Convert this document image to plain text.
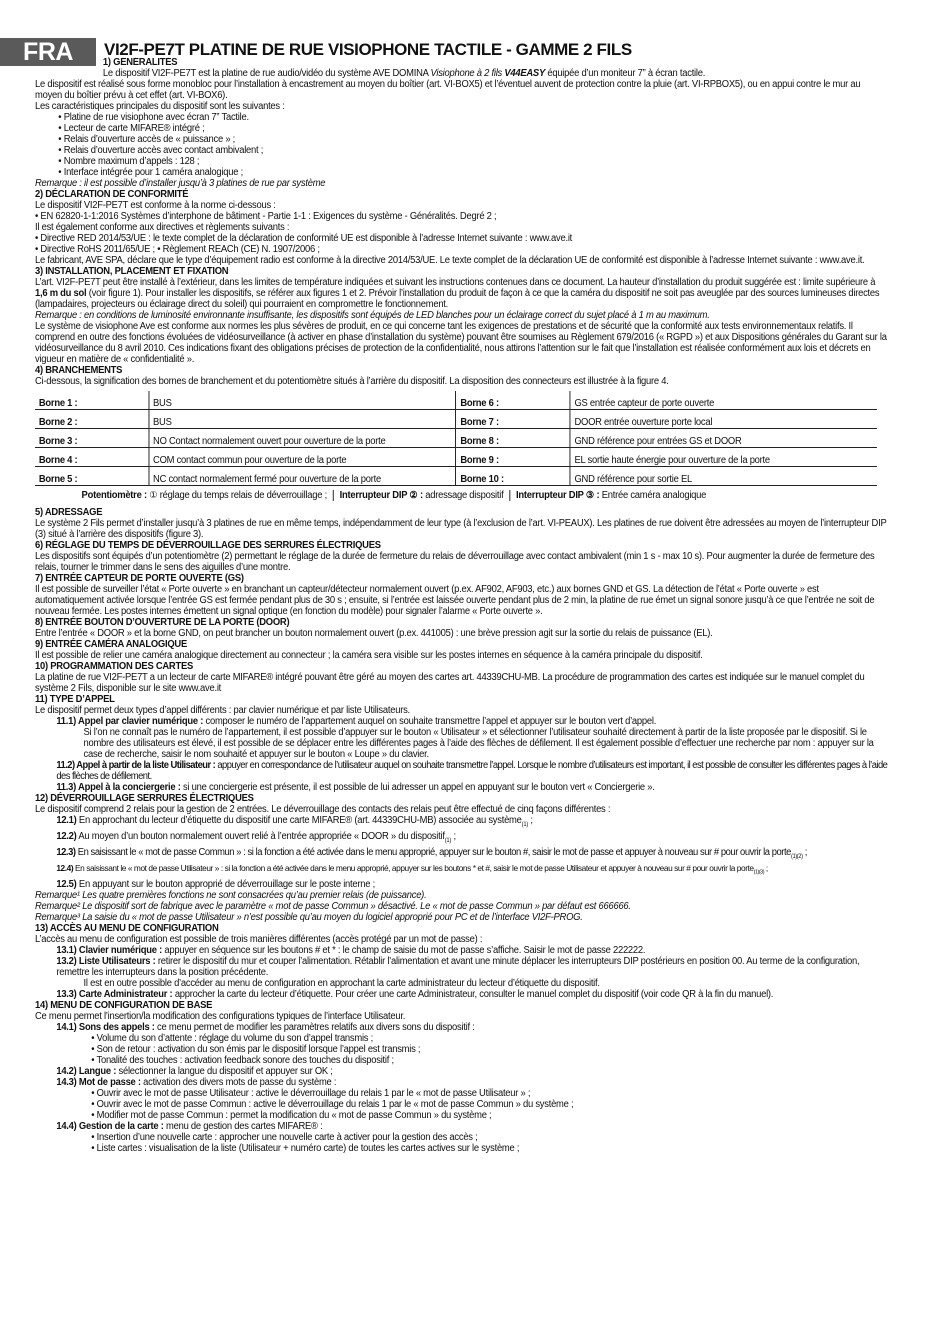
FRA	VI2F-PE7T PLATINE DE RUE VISIOPHONE TACTILE - GAMME 2 FILS

1) GÉNÉRALITÉS

Le dispositif VI2F-PE7T est la platine de rue audio/vidéo du système AVE DOMINA Visiophone à 2 fils V44EASY équipée d’un moniteur 7” à écran tactile.

Le dispositif est réalisé sous forme monobloc pour l’installation à encastrement au moyen du boîtier (art. VI-BOX5) et l’éventuel auvent de protection contre la pluie (art. VI-RPBOX5), ou en appui contre le mur au moyen du boîtier prévu à cet effet (art. VI-BOX6).

Les caractéristiques principales du dispositif sont les suivantes :

• Platine de rue visiophone avec écran 7” Tactile.

• Lecteur de carte MIFARE® intégré ;

• Relais d’ouverture accès de « puissance » ;

• Relais d’ouverture accès avec contact ambivalent ;

• Nombre maximum d’appels : 128 ;

• Interface intégrée pour 1 caméra analogique ;

Remarque : il est possible d’installer jusqu’à 3 platines de rue par système

2) DÉCLARATION DE CONFORMITÉ

Le dispositif VI2F-PE7T est conforme à la norme ci-dessous :

• EN 62820-1-1:2016 Systèmes d’interphone de bâtiment - Partie 1-1 : Exigences du système - Généralités. Degré 2 ;

Il est également conforme aux directives et règlements suivants :

• Directive RED 2014/53/UE : le texte complet de la déclaration de conformité UE est disponible à l’adresse Internet suivante : www.ave.it

• Directive RoHS 2011/65/UE ; • Règlement REACh (CE) N. 1907/2006 ;

Le fabricant, AVE SPA, déclare que le type d’équipement radio est conforme à la directive 2014/53/UE. Le texte complet de la déclaration UE de conformité est disponible à l’adresse Internet suivante : www.ave.it.

3) INSTALLATION, PLACEMENT ET FIXATION

L’art. VI2F-PE7T peut être installé à l’extérieur, dans les limites de température indiquées et suivant les instructions contenues dans ce document. La hauteur d’installation du produit suggérée est : limite supérieure à 1,6 m du sol (voir figure 1). Pour installer les dispositifs, se référer aux figures 1 et 2. Prévoir l’installation du produit de façon à ce que la caméra du dispositif ne soit pas aveuglée par des sources lumineuses directes (lampadaires, projecteurs ou éclairage direct du soleil) qui pourraient en compromettre le fonctionnement.

Remarque : en conditions de luminosité environnante insuffisante, les dispositifs sont équipés de LED blanches pour un éclairage correct du sujet placé à 1 m au maximum.

Le système de visiophone Ave est conforme aux normes les plus sévères de produit, en ce qui concerne tant les exigences de prestations et de sécurité que la conformité aux tests environnementaux relatifs. Il comprend en outre des fonctions évoluées de vidéosurveillance (à activer en phase d’installation du système) pouvant être soumises au Règlement 679/2016 (« RGPD ») et aux Dispositions générales du Garant sur la vidéosurveillance du 8 avril 2010. Ces indications fixant des obligations précises de protection de la confidentialité, nous attirons l’attention sur le fait que l’installation est réalisée conformément aux lois et décrets en vigueur en matière de « confidentialité ».

4) BRANCHEMENTS

Ci-dessous, la signification des bornes de branchement et du potentiomètre situés à l’arrière du dispositif. La disposition des connecteurs est illustrée à la figure 4.

Borne 1 :	BUS	Borne 6 :	GS entrée capteur de porte ouverte
Borne 2 :	BUS	Borne 7 :	DOOR entrée ouverture porte local
Borne 3 :	NO Contact normalement ouvert pour ouverture de la porte	Borne 8 :	GND référence pour entrées GS et DOOR
Borne 4 :	COM contact commun pour ouverture de la porte	Borne 9 :	EL sortie haute énergie pour ouverture de la porte
Borne 5 :	NC contact normalement fermé pour ouverture de la porte	Borne 10 :	GND référence pour sortie EL

Potentiomètre : ① réglage du temps relais de déverrouillage ; Interrupteur DIP ② : adressage dispositif Interrupteur DIP ③ : Entrée caméra analogique

5) ADRESSAGE

Le système 2 Fils permet d’installer jusqu’à 3 platines de rue en même temps, indépendamment de leur type (à l’exclusion de l’art. VI-PEAUX). Les platines de rue doivent être adressées au moyen de l’interrupteur DIP (3) situé à l’arrière des dispositifs (figure 3).

6) RÉGLAGE DU TEMPS DE DÉVERROUILLAGE DES SERRURES ÉLECTRIQUES

Les dispositifs sont équipés d’un potentiomètre (2) permettant le réglage de la durée de fermeture du relais de déverrouillage avec contact ambivalent (min 1 s - max 10 s). Pour augmenter la durée de fermeture des relais, tourner le trimmer dans le sens des aiguilles d’une montre.

7) ENTRÉE CAPTEUR DE PORTE OUVERTE (GS)

Il est possible de surveiller l’état « Porte ouverte » en branchant un capteur/détecteur normalement ouvert (p.ex. AF902, AF903, etc.) aux bornes GND et GS. La détection de l’état « Porte ouverte » est automatiquement activée lorsque l’entrée GS est fermée pendant plus de 30 s ; ensuite, si l’entrée est laissée ouverte pendant plus de 2 min, la platine de rue émet un signal sonore jusqu’à ce que l’entrée ne soit de nouveau fermée. Les postes internes émettent un signal optique (en fonction du modèle) pour signaler l’alarme « Porte ouverte ».

8) ENTRÉE BOUTON D’OUVERTURE DE LA PORTE (DOOR)

Entre l’entrée « DOOR » et la borne GND, on peut brancher un bouton normalement ouvert (p.ex. 441005) : une brève pression agit sur la sortie du relais de puissance (EL).

9) ENTRÉE CAMÉRA ANALOGIQUE

Il est possible de relier une caméra analogique directement au connecteur ; la caméra sera visible sur les postes internes en séquence à la caméra principale du dispositif.

10) PROGRAMMATION DES CARTES

La platine de rue VI2F-PE7T a un lecteur de carte MIFARE® intégré pouvant être géré au moyen des cartes art. 44339CHU-MB. La procédure de programmation des cartes est indiquée sur le manuel complet du système 2 Fils, disponible sur le site www.ave.it

11) TYPE D’APPEL

Le dispositif permet deux types d’appel différents : par clavier numérique et par liste Utilisateurs.

11.1) Appel par clavier numérique : composer le numéro de l’appartement auquel on souhaite transmettre l’appel et appuyer sur le bouton vert d’appel.

Si l’on ne connaît pas le numéro de l’appartement, il est possible d’appuyer sur le bouton « Utilisateur » et sélectionner l’utilisateur souhaité directement à partir de la liste proposée par le dispositif. Si le nombre des utilisateurs est élevé, il est possible de se déplacer entre les différentes pages à l’aide des flèches de défilement. Il est également possible d’effectuer une recherche par nom : appuyer sur la case de recherche, saisir le nom souhaité et appuyer sur le bouton « Loupe » du clavier.

11.2) Appel à partir de la liste Utilisateur : appuyer en correspondance de l’utilisateur auquel on souhaite transmettre l’appel. Lorsque le nombre d’utilisateurs est important, il est possible de consulter les différentes pages à l’aide des flèches de défilement.

11.3) Appel à la conciergerie : si une conciergerie est présente, il est possible de lui adresser un appel en appuyant sur le bouton vert « Conciergerie ».

12) DÉVERROUILLAGE SERRURES ÉLECTRIQUES

Le dispositif comprend 2 relais pour la gestion de 2 entrées. Le déverrouillage des contacts des relais peut être effectué de cinq façons différentes :

12.1) En approchant du lecteur d’étiquette du dispositif une carte MIFARE® (art. 44339CHU-MB) associée au système$_{(1)}$ ;

12.2) Au moyen d’un bouton normalement ouvert relié à l’entrée appropriée « DOOR » du dispositif$_{(1)}$ ;

12.3) En saisissant le « mot de passe Commun » : si la fonction a été activée dans le menu approprié, appuyer sur le bouton #, saisir le mot de passe et appuyer à nouveau sur # pour ouvrir la porte$_{(1)(2)}$ ;

12.4) En saisissant le « mot de passe Utilisateur » : si la fonction a été activée dans le menu approprié, appuyer sur les boutons * et #, saisir le mot de passe Utilisateur et appuyer à nouveau sur # pour ouvrir la porte$_{(1)(3)}$ ;

12.5) En appuyant sur le bouton approprié de déverrouillage sur le poste interne ;

Remarque¹ Les quatre premières fonctions ne sont consacrées qu’au premier relais (de puissance).

Remarque² Le dispositif sort de fabrique avec le paramètre « mot de passe Commun » désactivé. Le « mot de passe Commun » par défaut est 666666.

Remarque³ La saisie du « mot de passe Utilisateur » n’est possible qu’au moyen du logiciel approprié pour PC et de l’interface VI2F-PROG.

13) ACCÈS AU MENU DE CONFIGURATION

L’accès au menu de configuration est possible de trois manières différentes (accès protégé par un mot de passe) :

13.1) Clavier numérique : appuyer en séquence sur les boutons # et * : le champ de saisie du mot de passe s’affiche. Saisir le mot de passe 222222.

13.2) Liste Utilisateurs : retirer le dispositif du mur et couper l’alimentation. Rétablir l’alimentation et avant une minute déplacer les interrupteurs DIP postérieurs en position 00. Au terme de la configuration, remettre les interrupteurs dans la position précédente.

Il est en outre possible d’accéder au menu de configuration en approchant la carte administrateur du lecteur d’étiquette du dispositif.

13.3) Carte Administrateur : approcher la carte du lecteur d’étiquette. Pour créer une carte Administrateur, consulter le manuel complet du dispositif (voir code QR à la fin du manuel).

14) MENU DE CONFIGURATION DE BASE

Ce menu permet l’insertion/la modification des configurations typiques de l’interface Utilisateur.

14.1) Sons des appels : ce menu permet de modifier les paramètres relatifs aux divers sons du dispositif :

• Volume du son d’attente : réglage du volume du son d’appel transmis ;

• Son de retour : activation du son émis par le dispositif lorsque l’appel est transmis ;

• Tonalité des touches : activation feedback sonore des touches du dispositif ;

14.2) Langue : sélectionner la langue du dispositif et appuyer sur OK ;

14.3) Mot de passe : activation des divers mots de passe du système :

• Ouvrir avec le mot de passe Utilisateur : active le déverrouillage du relais 1 par le « mot de passe Utilisateur » ;

• Ouvrir avec le mot de passe Commun : active le déverrouillage du relais 1 par le « mot de passe Commun » du système ;

• Modifier mot de passe Commun : permet la modification du « mot de passe Commun » du système ;

14.4) Gestion de la carte : menu de gestion des cartes MIFARE® :

• Insertion d’une nouvelle carte : approcher une nouvelle carte à activer pour la gestion des accès ;

• Liste cartes : visualisation de la liste (Utilisateur + numéro carte) de toutes les cartes actives sur le système ;
